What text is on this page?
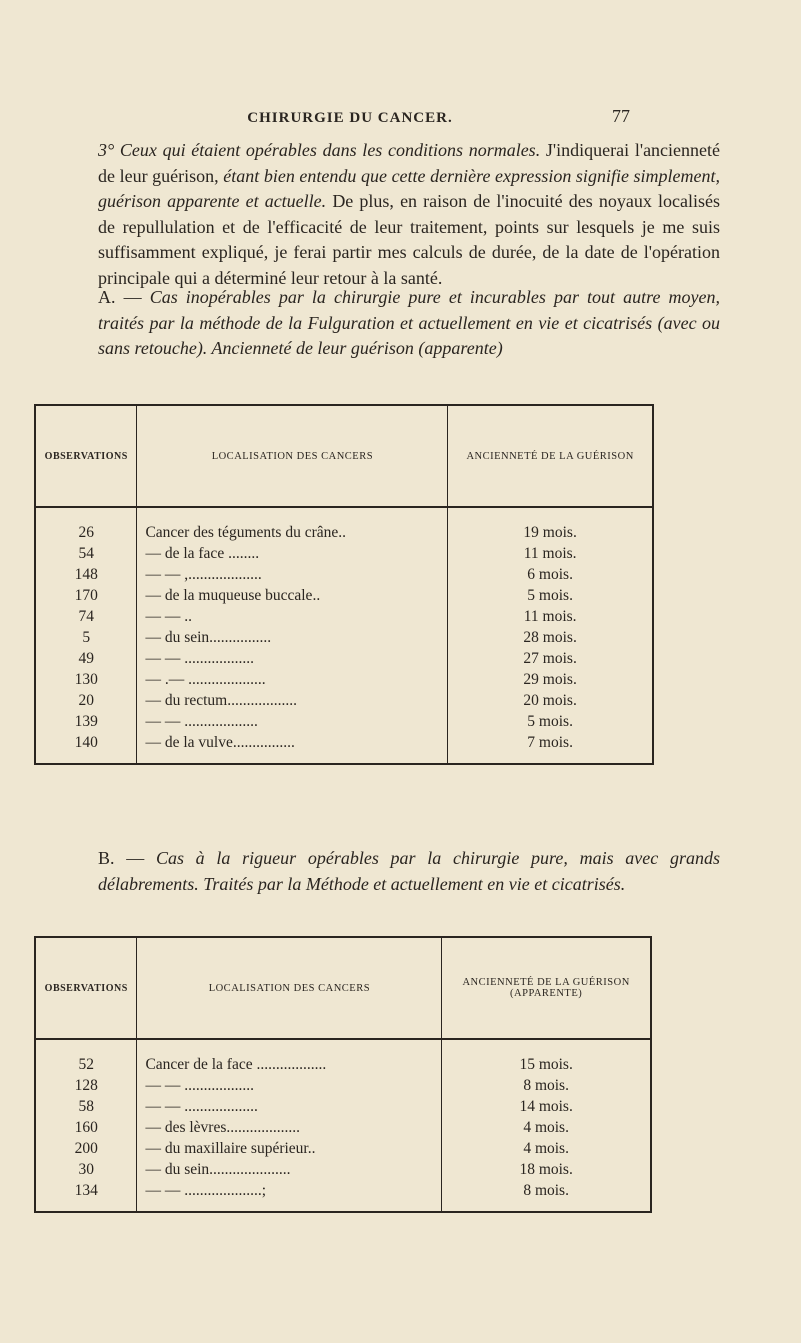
CHIRURGIE DU CANCER.	77

3° Ceux qui étaient opérables dans les conditions normales. J'indiquerai l'ancienneté de leur guérison, étant bien entendu que cette dernière expression signifie simplement, guérison apparente et actuelle. De plus, en raison de l'inocuité des noyaux localisés de repullulation et de l'efficacité de leur traitement, points sur lesquels je me suis suffisamment expliqué, je ferai partir mes calculs de durée, de la date de l'opération principale qui a déterminé leur retour à la santé.

A. — Cas inopérables par la chirurgie pure et incurables par tout autre moyen, traités par la méthode de la Fulguration et actuellement en vie et cicatrisés (avec ou sans retouche). Ancienneté de leur guérison (apparente)

OBSERVATIONS	LOCALISATION DES CANCERS	ANCIENNETÉ DE LA GUÉRISON
26	Cancer des téguments du crâne..	19 mois.
54	— de la face ........	11 mois.
148	— — ,...................	6 mois.
170	— de la muqueuse buccale..	5 mois.
74	— — ..	11 mois.
5	— du sein................	28 mois.
49	— — ..................	27 mois.
130	— .— ....................	29 mois.
20	— du rectum..................	20 mois.
139	— — ...................	5 mois.
140	— de la vulve................	7 mois.

B. — Cas à la rigueur opérables par la chirurgie pure, mais avec grands délabrements. Traités par la Méthode et actuellement en vie et cicatrisés.

OBSERVATIONS	LOCALISATION DES CANCERS	ANCIENNETÉ DE LA GUÉRISON (APPARENTE)
52	Cancer de la face ..................	15 mois.
128	— — ..................	8 mois.
58	— — ...................	14 mois.
160	— des lèvres...................	4 mois.
200	— du maxillaire supérieur..	4 mois.
30	— du sein.....................	18 mois.
134	— — ....................;	8 mois.
